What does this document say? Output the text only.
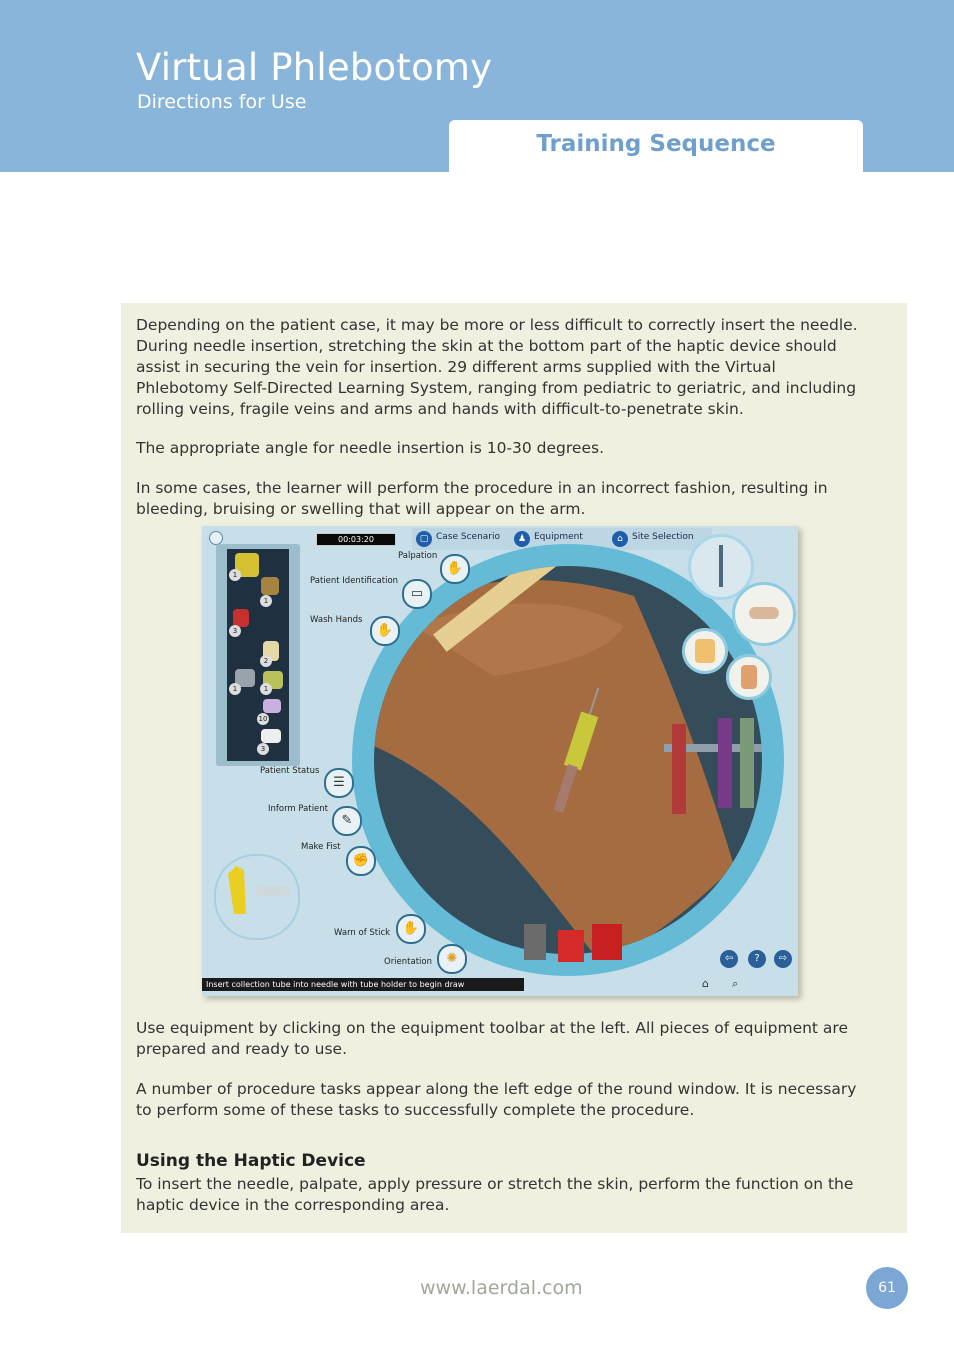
Virtual Phlebotomy
Directions for Use
Training Sequence

Depending on the patient case, it may be more or less difficult to correctly insert the needle. During needle insertion, stretching the skin at the bottom part of the haptic device should assist in securing the vein for insertion. 29 different arms supplied with the Virtual Phlebotomy Self-Directed Learning System, ranging from pediatric to geriatric, and including rolling veins, fragile veins and arms and hands with difficult-to-penetrate skin.

The appropriate angle for needle insertion is 10-30 degrees.

In some cases, the learner will perform the procedure in an incorrect fashion, resulting in bleeding, bruising or swelling that will appear on the arm.

1
1
3
2
1	1
10
3
00:03:20	▢ Case Scenario	♟ Equipment	⌂	Site Selection
Palpation
✋
Patient Identification
▭
Wash Hands
✋
Patient Status
☰
Inform Patient
✎
Make Fist
✊
Warn of Stick ✋
Orientation	✺	⇦	?	⇨
⌂ ⌕
Insert collection tube into needle with tube holder to begin draw

Use equipment by clicking on the equipment toolbar at the left. All pieces of equipment are prepared and ready to use.

A number of procedure tasks appear along the left edge of the round window. It is necessary to perform some of these tasks to successfully complete the procedure.

Using the Haptic Device

To insert the needle, palpate, apply pressure or stretch the skin, perform the function on the haptic device in the corresponding area.

www.laerdal.com	61
